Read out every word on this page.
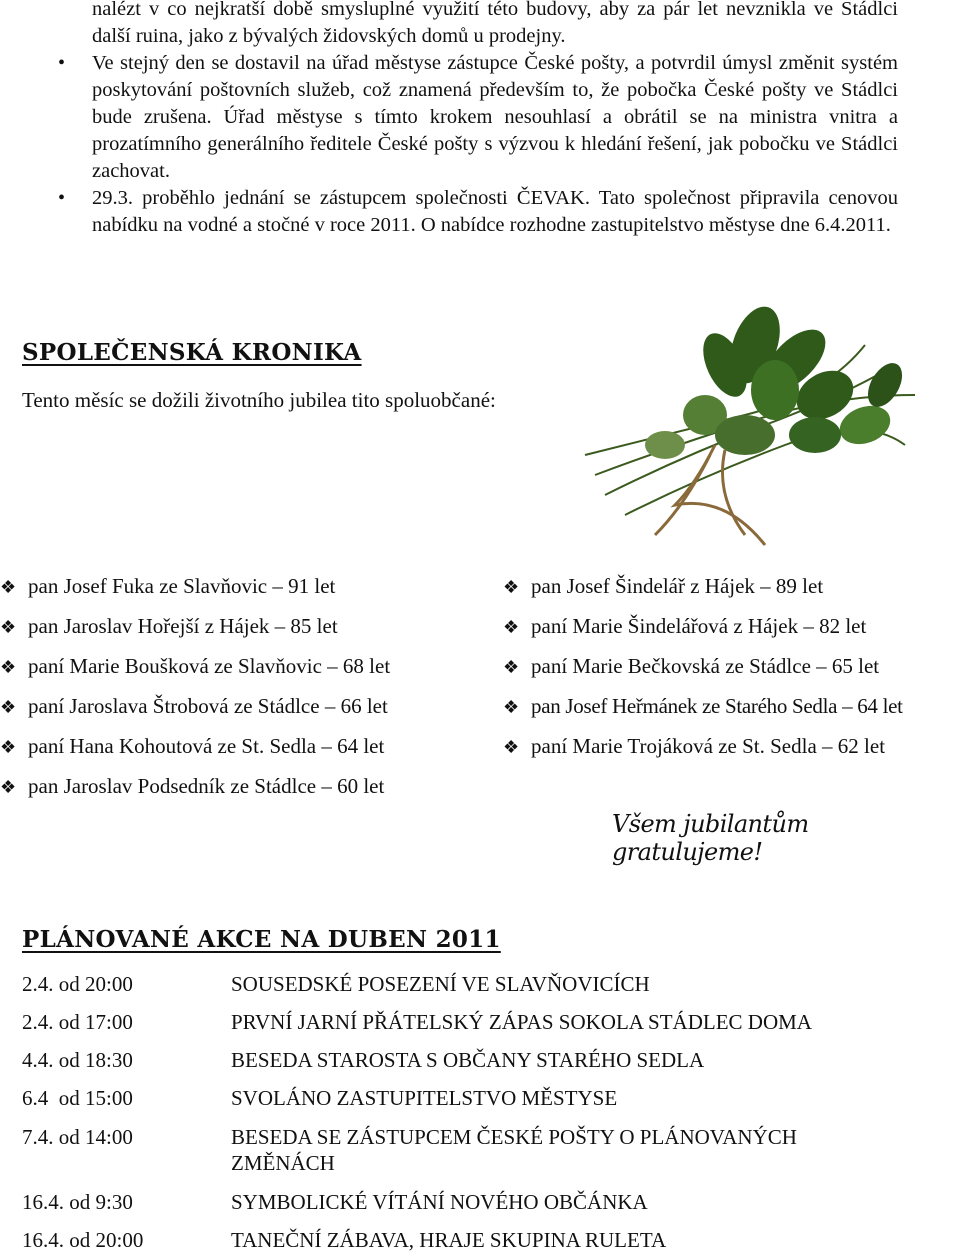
nalézt v co nejkratší době smysluplné využití této budovy, aby za pár let nevznikla ve Stádlci další ruina, jako z bývalých židovských domů u prodejny.
• Ve stejný den se dostavil na úřad městyse zástupce České pošty, a potvrdil úmysl změnit systém poskytování poštovních služeb, což znamená především to, že pobočka České pošty ve Stádlci bude zrušena. Úřad městyse s tímto krokem nesouhlasí a obrátil se na ministra vnitra a prozatímního generálního ředitele České pošty s výzvou k hledání řešení, jak pobočku ve Stádlci zachovat.
• 29.3. proběhlo jednání se zástupcem společnosti ČEVAK. Tato společnost připravila cenovou nabídku na vodné a stočné v roce 2011. O nabídce rozhodne zastupitelstvo městyse dne 6.4.2011.
SPOLEČENSKÁ KRONIKA
Tento měsíc se dožili životního jubilea tito spoluobčané:
❖ pan Josef Fuka ze Slavňovic – 91 let
❖ pan Jaroslav Hořejší z Hájek – 85 let
❖ paní Marie Boušková ze Slavňovic – 68 let
❖ paní Jaroslava Štrobová ze Stádlce – 66 let
❖ paní Hana Kohoutová ze St. Sedla – 64 let
❖ pan Jaroslav Podsedník ze Stádlce – 60 let
❖ pan Josef Šindelář z Hájek – 89 let
❖ paní Marie Šindelářová z Hájek – 82 let
❖ paní Marie Bečkovská ze Stádlce – 65 let
❖ pan Josef Heřmánek ze Starého Sedla – 64 let
❖ paní Marie Trojáková ze St. Sedla – 62 let
Všem jubilantům gratulujeme!
PLÁNOVANÉ AKCE NA DUBEN 2011
2.4. od 20:00	SOUSEDSKÉ POSEZENÍ VE SLAVŇOVICÍCH
2.4. od 17:00	PRVNÍ JARNÍ PŘÁTELSKÝ ZÁPAS SOKOLA STÁDLEC DOMA
4.4. od 18:30	BESEDA STAROSTA S OBČANY STARÉHO SEDLA
6.4  od 15:00	SVOLÁNO ZASTUPITELSTVO MĚSTYSE
7.4. od 14:00	BESEDA SE ZÁSTUPCEM ČESKÉ POŠTY O PLÁNOVANÝCH ZMĚNÁCH
16.4. od 9:30	SYMBOLICKÉ VÍTÁNÍ NOVÉHO OBČÁNKA
16.4. od 20:00	TANEČNÍ ZÁBAVA, HRAJE SKUPINA RULETA
